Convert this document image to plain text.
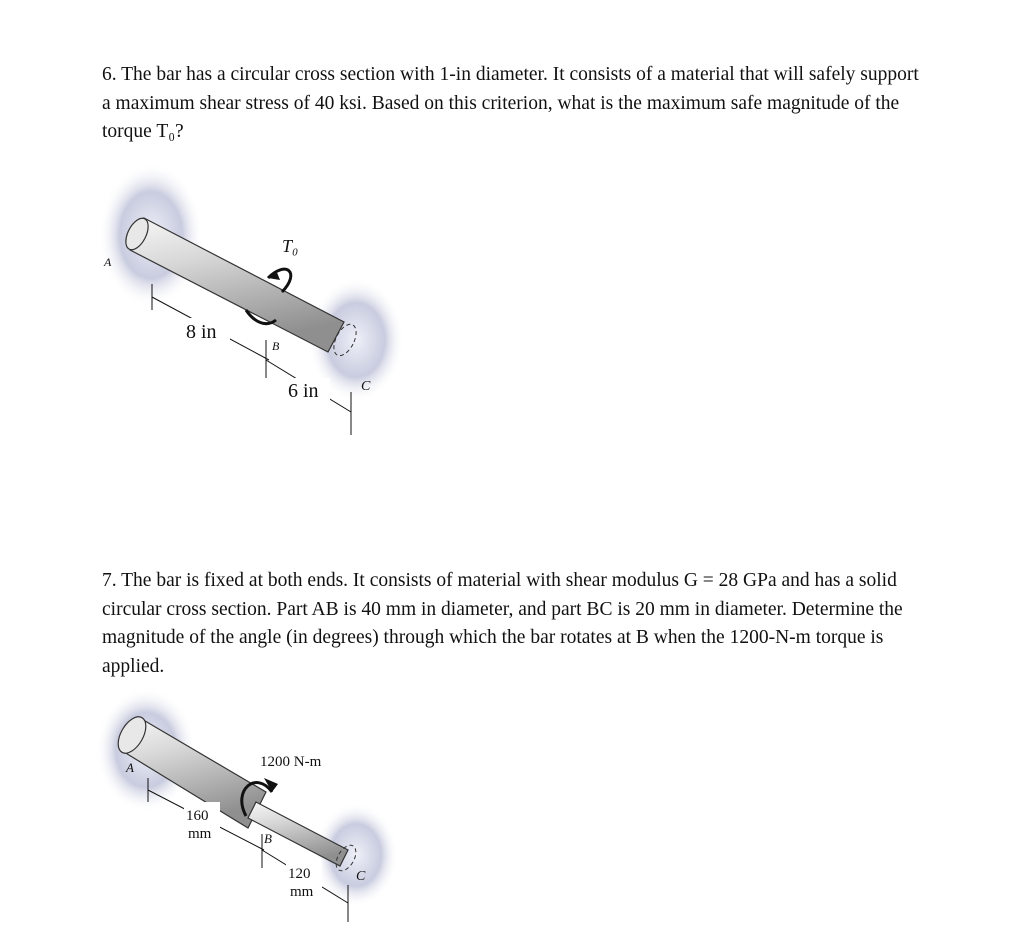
6. The bar has a circular cross section with 1-in diameter. It consists of a material that will safely support a maximum shear stress of 40 ksi. Based on this criterion, what is the maximum safe magnitude of the torque T₀?

T₀
A
B
C
8 in
6 in

7. The bar is fixed at both ends. It consists of material with shear modulus G = 28 GPa and has a solid circular cross section. Part AB is 40 mm in diameter, and part BC is 20 mm in diameter. Determine the magnitude of the angle (in degrees) through which the bar rotates at B when the 1200-N-m torque is applied.

1200 N-m
A
B
C
160
mm
120
mm
